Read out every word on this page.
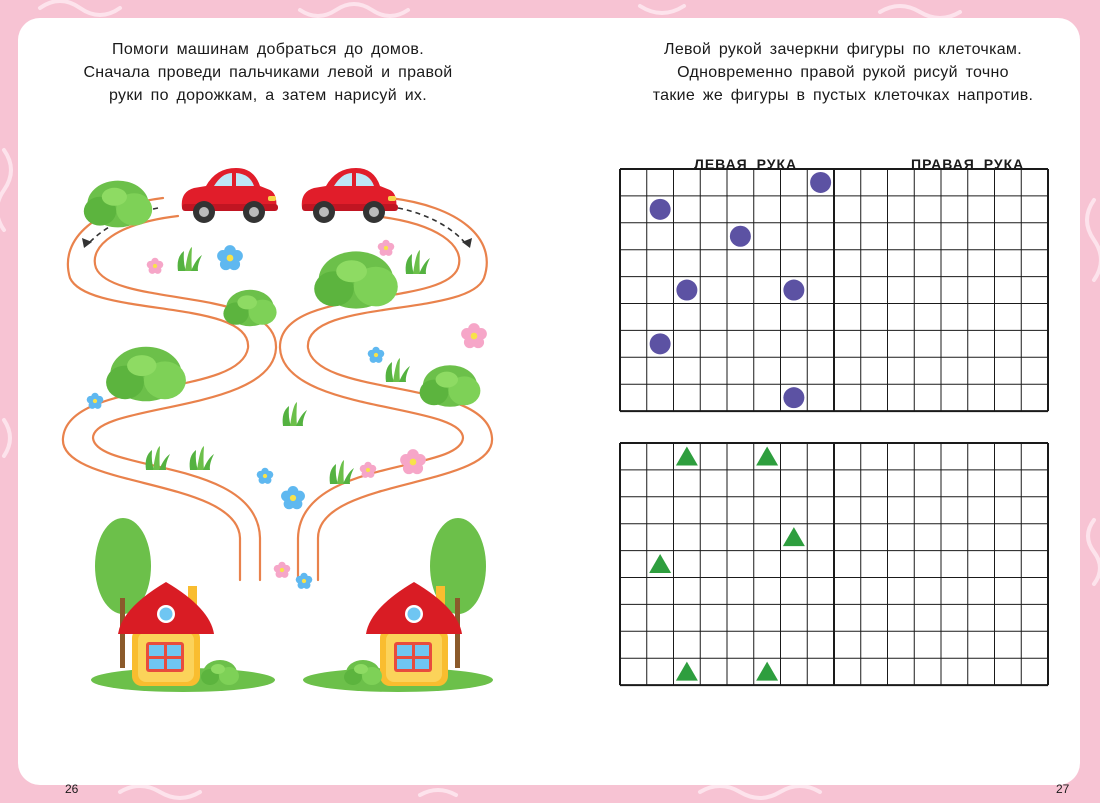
Помоги машинам добраться до домов.
Сначала проведи пальчиками левой и правой
руки по дорожкам, а затем нарисуй их.
26
Левой рукой зачеркни фигуры по клеточкам.
Одновременно правой рукой рисуй точно
такие же фигуры в пустых клеточках напротив.
ЛЕВАЯ РУКА	ПРАВАЯ РУКА
27
